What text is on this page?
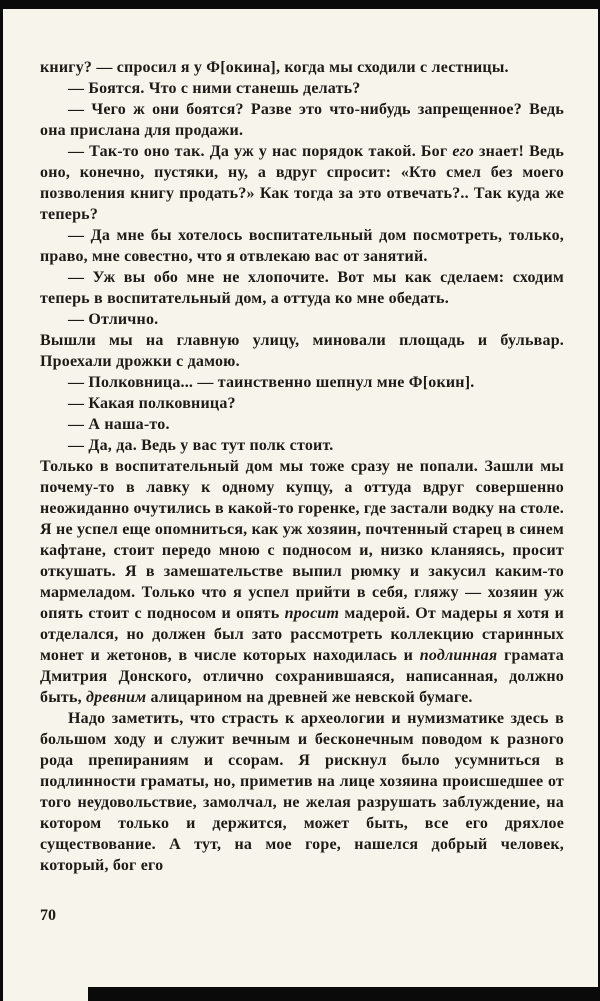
книгу? — спросил я у Ф[окина], когда мы сходили с лестницы.

— Боятся. Что с ними станешь делать?

— Чего ж они боятся? Разве это что-нибудь запрещенное? Ведь она прислана для продажи.

— Так-то оно так. Да уж у нас порядок такой. Бог его знает! Ведь оно, конечно, пустяки, ну, а вдруг спросит: «Кто смел без моего позволения книгу продать?» Как тогда за это отвечать?.. Так куда же теперь?

— Да мне бы хотелось воспитательный дом посмотреть, только, право, мне совестно, что я отвлекаю вас от занятий.

— Уж вы обо мне не хлопочите. Вот мы как сделаем: сходим теперь в воспитательный дом, а оттуда ко мне обедать.

— Отлично.

Вышли мы на главную улицу, миновали площадь и бульвар. Проехали дрожки с дамою.

— Полковница... — таинственно шепнул мне Ф[окин].

— Какая полковница?

— А наша-то.

— Да, да. Ведь у вас тут полк стоит.

Только в воспитательный дом мы тоже сразу не попали. Зашли мы почему-то в лавку к одному купцу, а оттуда вдруг совершенно неожиданно очутились в какой-то горенке, где застали водку на столе. Я не успел еще опомниться, как уж хозяин, почтенный старец в синем кафтане, стоит передо мною с подносом и, низко кланяясь, просит откушать. Я в замешательстве выпил рюмку и закусил каким-то мармеладом. Только что я успел прийти в себя, гляжу — хозяин уж опять стоит с подносом и опять просит мадерой. От мадеры я хотя и отделался, но должен был зато рассмотреть коллекцию старинных монет и жетонов, в числе которых находилась и подлинная грамата Дмитрия Донского, отлично сохранившаяся, написанная, должно быть, древним алицарином на древней же невской бумаге.

Надо заметить, что страсть к археологии и нумизматике здесь в большом ходу и служит вечным и бесконечным поводом к разного рода препираниям и ссорам. Я рискнул было усумниться в подлинности граматы, но, приметив на лице хозяина происшедшее от того неудовольствие, замолчал, не желая разрушать заблуждение, на котором только и держится, может быть, все его дряхлое существование. А тут, на мое горе, нашелся добрый человек, который, бог его

70
